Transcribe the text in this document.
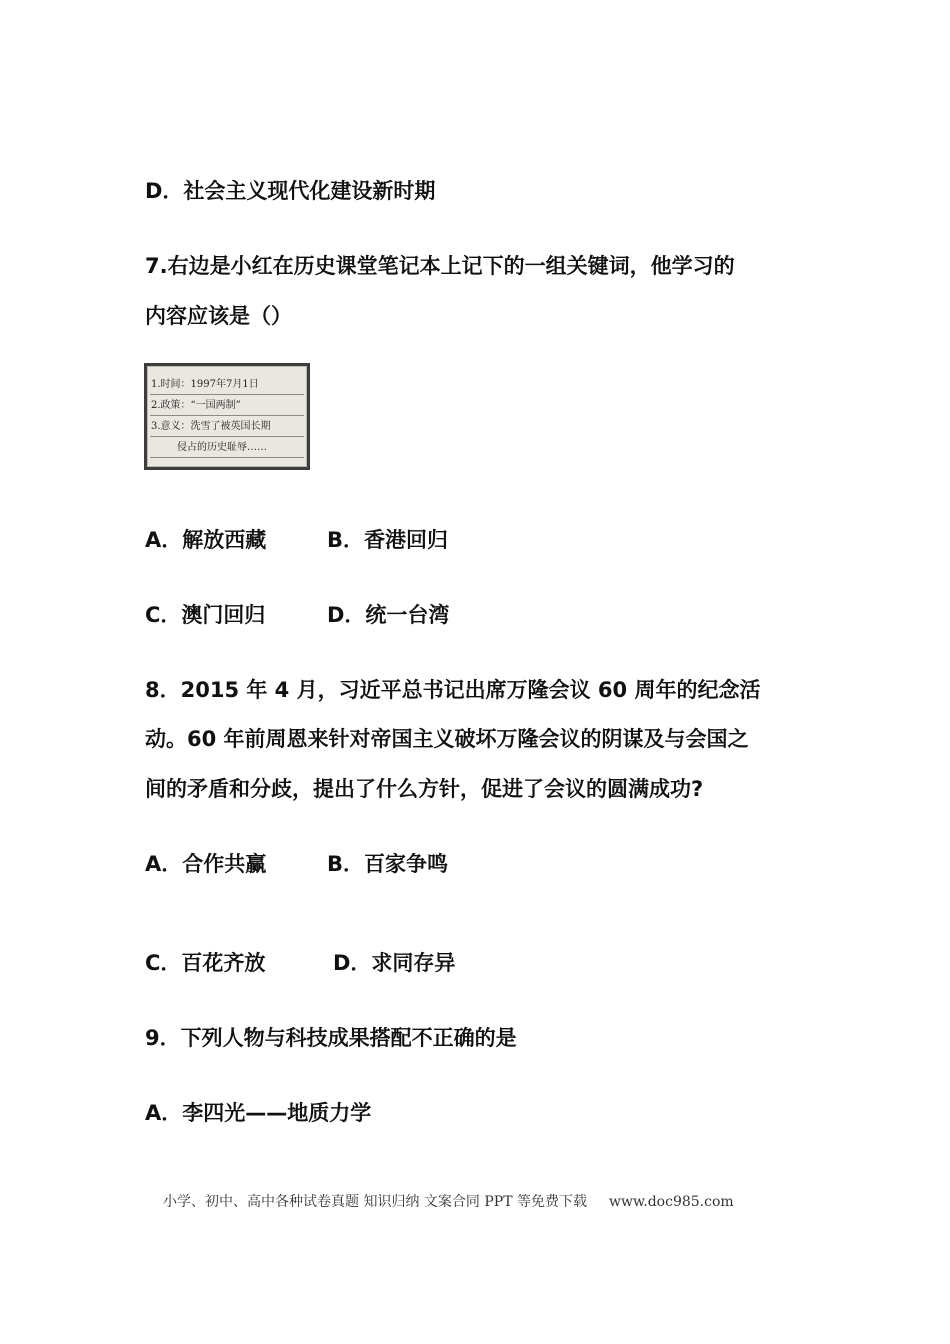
D．社会主义现代化建设新时期
7.右边是小红在历史课堂笔记本上记下的一组关键词，他学习的
内容应该是（）
1.时间：1997年7月1日
2.政策：“一国两制”
3.意义：洗雪了被英国长期
侵占的历史耻辱……
A．解放西藏	B．香港回归
C．澳门回归	D．统一台湾
8．2015 年 4 月，习近平总书记出席万隆会议 60 周年的纪念活
动。60 年前周恩来针对帝国主义破坏万隆会议的阴谋及与会国之
间的矛盾和分歧，提出了什么方针，促进了会议的圆满成功?
A．合作共赢	B．百家争鸣
C．百花齐放	D．求同存异
9．下列人物与科技成果搭配不正确的是
A．李四光——地质力学
小学、初中、高中各种试卷真题 知识归纳 文案合同 PPT 等免费下载 www.doc985.com
